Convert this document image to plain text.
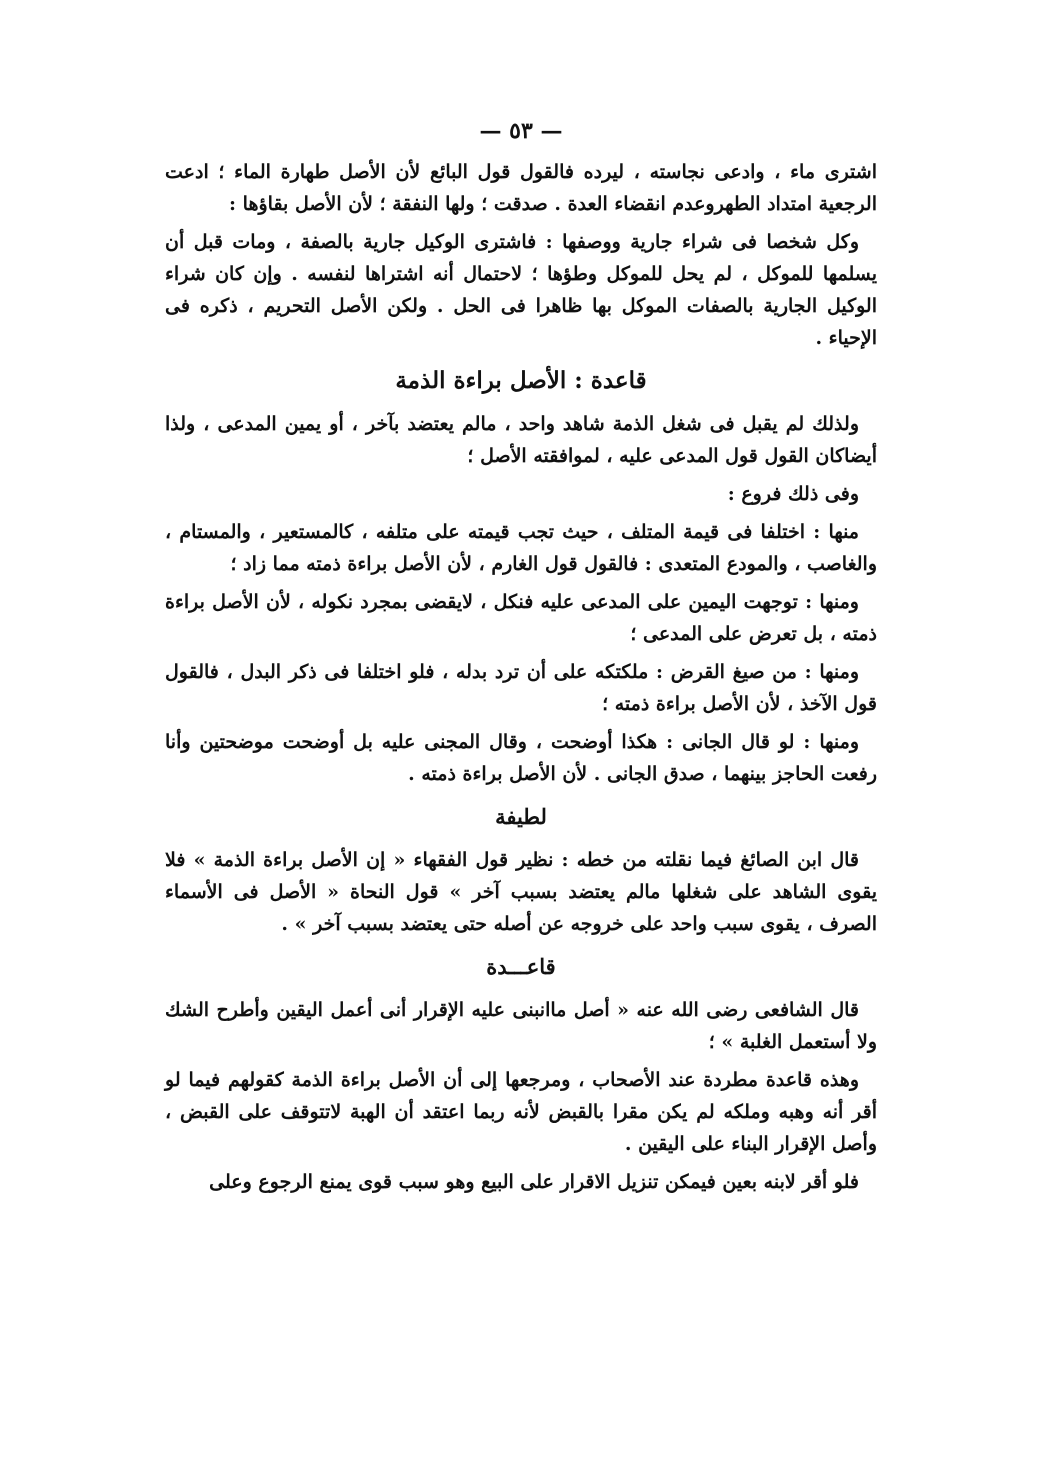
— ٥٣ —

اشترى ماء ، وادعى نجاسته ، ليرده فالقول قول البائع لأن الأصل طهارة الماء ؛ ادعت الرجعية امتداد الطهروعدم انقضاء العدة . صدقت ؛ ولها النفقة ؛ لأن الأصل بقاؤها :

وكل شخصا فى شراء جارية ووصفها : فاشترى الوكيل جارية بالصفة ، ومات قبل أن يسلمها للموكل ، لم يحل للموكل وطؤها ؛ لاحتمال أنه اشتراها لنفسه . وإن كان شراء الوكيل الجارية بالصفات الموكل بها ظاهرا فى الحل . ولكن الأصل التحريم ، ذكره فى الإحياء .

قاعدة : الأصل براءة الذمة

ولذلك لم يقبل فى شغل الذمة شاهد واحد ، مالم يعتضد بآخر ، أو يمين المدعى ، ولذا أيضاكان القول قول المدعى عليه ، لموافقته الأصل ؛

وفى ذلك فروع :

منها : اختلفا فى قيمة المتلف ، حيث تجب قيمته على متلفه ، كالمستعير ، والمستام ، والغاصب ، والمودع المتعدى : فالقول قول الغارم ، لأن الأصل براءة ذمته مما زاد ؛

ومنها : توجهت اليمين على المدعى عليه فنكل ، لايقضى بمجرد نكوله ، لأن الأصل براءة ذمته ، بل تعرض على المدعى ؛

ومنها : من صيغ القرض : ملكتكه على أن ترد بدله ، فلو اختلفا فى ذكر البدل ، فالقول قول الآخذ ، لأن الأصل براءة ذمته ؛

ومنها : لو قال الجانى : هكذا أوضحت ، وقال المجنى عليه بل أوضحت موضحتين وأنا رفعت الحاجز بينهما ، صدق الجانى . لأن الأصل براءة ذمته .

لطيفة

قال ابن الصائغ فيما نقلته من خطه : نظير قول الفقهاء « إن الأصل براءة الذمة » فلا يقوى الشاهد على شغلها مالم يعتضد بسبب آخر » قول النحاة « الأصل فى الأسماء الصرف ، يقوى سبب واحد على خروجه عن أصله حتى يعتضد بسبب آخر » .

قاعـــدة

قال الشافعى رضى الله عنه « أصل ماانبنى عليه الإقرار أنى أعمل اليقين وأطرح الشك ولا أستعمل الغلبة » ؛

وهذه قاعدة مطردة عند الأصحاب ، ومرجعها إلى أن الأصل براءة الذمة كقولهم فيما لو أقر أنه وهبه وملكه لم يكن مقرا بالقبض لأنه ربما اعتقد أن الهبة لاتتوقف على القبض ، وأصل الإقرار البناء على اليقين .

فلو أقر لابنه بعين فيمكن تنزيل الاقرار على البيع وهو سبب قوى يمنع الرجوع وعلى
